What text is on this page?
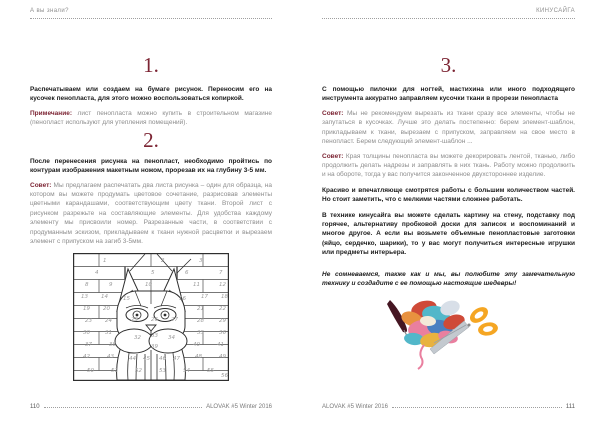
А вы знали?
1.

Распечатываем или создаем на бумаге рисунок. Переносим его на кусочек пенопласта, для этого можно воспользоваться копиркой.

Примечание: лист пенопласта можно купить в строительном магазине (пенопласт используют для утепления помещений).

2.

После перенесения рисунка на пенопласт, необходимо пройтись по контурам изображения макетным ножом, прорезав их на глубину 3-5 мм.

Совет: Мы предлагаем распечатать два листа рисунка – один для образца, на котором вы можете продумать цветовое сочетание, разрисовав элементы цветными карандашами, соответствующим цвету ткани. Второй лист с рисунком разрежьте на составляющие элементы. Для удобства каждому элементу мы присвоили номер. Разрезанные части, в соответствии с продуманным эскизом, прикладываем к ткани нужной расцветки и вырезаем элемент с припуском на загиб 3-5мм.

1	2	3
4	5	6	7
8	9	10	11	12
13 14	15	16	17 18
19 20	21	22
23 24	25 26 27	28	29
30	31
32 33 34
35	36
37	38	39	40	41
42	43	44 45 46 47	48	49
50	51	52	53	54	55
56
КИНУСАЙГА
3.

С помощью пилочки для ногтей, мастихина или иного подходящего инструмента аккуратно заправляем кусочки ткани в прорези пенопласта

Совет: Мы не рекомендуем вырезать из ткани сразу все элементы, чтобы не запутаться в кусочках. Лучше это делать постепенно: берем элемент-шаблон, прикладываем к ткани, вырезаем с припуском, заправляем на свое место в пенопласт. Берем следующий элемент-шаблон ...

Совет: Края толщины пенопласта вы можете декорировать лентой, тканью, либо продолжить делать надрезы и заправлять в них ткань. Работу можно продолжить и на обороте, тогда у вас получится законченное двухстороннее изделие.

Красиво и впечатляюще смотрятся работы с большим количеством частей. Но стоит заметить, что с мелкими частями сложнее работать.

В технике кинусайга вы можете сделать картину на стену, подставку под горячее, альтернативу пробковой доски для записок и воспоминаний и многое другое. А если вы возьмете объемные пенопластовые заготовки (яйцо, сердечко, шарики), то у вас могут получиться интересные игрушки или предметы интерьера.

Не сомневаемся, также как и мы, вы полюбите эту замечательную технику и создадите с ее помощью настоящие шедевры!

110	ALOVAK #5 Winter 2016	ALOVAK #5 Winter 2016	111
